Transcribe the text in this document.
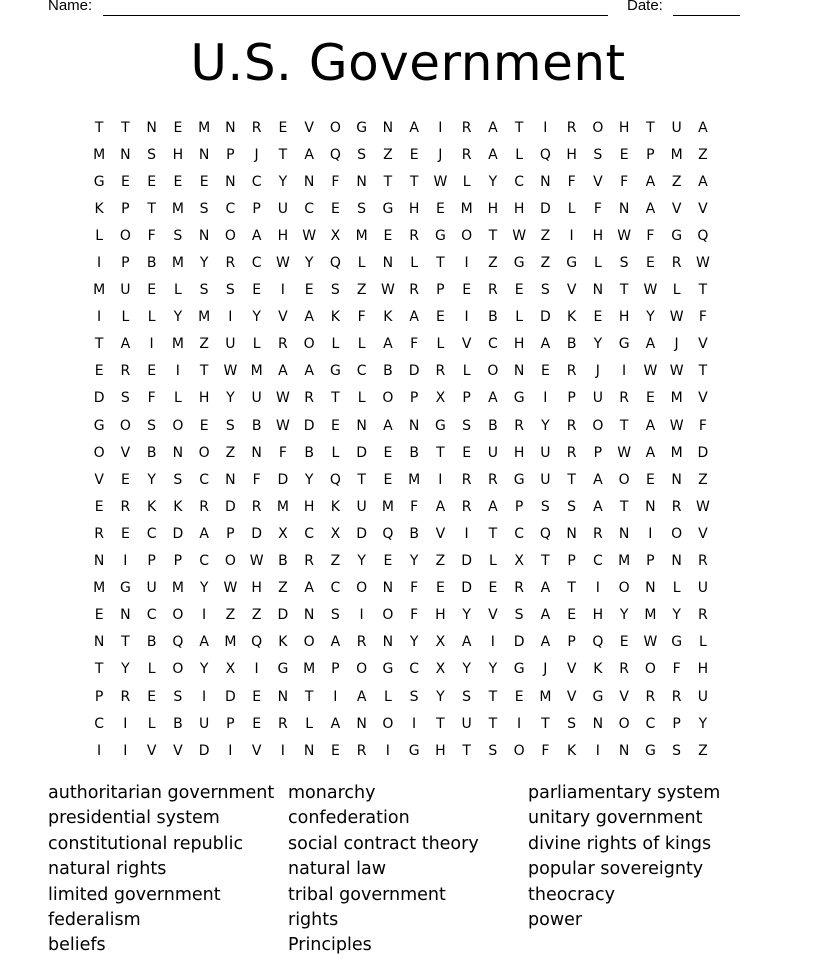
Name:	Date:
U.S. Government
T	T	N	E	M	N	R	E	V	O	G	N	A	I	R	A	T	I	R	O	H	T	U	A
M	N	S	H	N	P	J	T	A	Q	S	Z	E	J	R	A	L	Q	H	S	E	P	M	Z
G	E	E	E	E	N	C	Y	N	F	N	T	T	W	L	Y	C	N	F	V	F	A	Z	A
K	P	T	M	S	C	P	U	C	E	S	G	H	E	M	H	H	D	L	F	N	A	V	V
L	O	F	S	N	O	A	H	W	X	M	E	R	G	O	T	W	Z	I	H	W	F	G	Q
I	P	B	M	Y	R	C	W	Y	Q	L	N	L	T	I	Z	G	Z	G	L	S	E	R	W
M	U	E	L	S	S	E	I	E	S	Z	W	R	P	E	R	E	S	V	N	T	W	L	T
I	L	L	Y	M	I	Y	V	A	K	F	K	A	E	I	B	L	D	K	E	H	Y	W	F
T	A	I	M	Z	U	L	R	O	L	L	A	F	L	V	C	H	A	B	Y	G	A	J	V
E	R	E	I	T	W M	A	A	G	C	B	D	R	L	O	N	E	R	J	I	W W	T
D	S	F	L	H	Y	U	W	R	T	L	O	P	X	P	A	G	I	P	U	R	E	M	V
G	O	S	O	E	S	B	W D	E	N	A	N	G	S	B	R	Y	R	O	T	A	W	F
O	V	B	N	O	Z	N	F	B	L	D	E	B	T	E	U	H	U	R	P	W	A	M	D
V	E	Y	S	C	N	F	D	Y	Q	T	E	M	I	R	R	G	U	T	A	O	E	N	Z
E	R	K	K	R	D	R	M	H	K	U	M	F	A	R	A	P	S	S	A	T	N	R	W
R	E	C	D	A	P	D	X	C	X	D	Q	B	V	I	T	C	Q	N	R	N	I	O	V
N	I	P	P	C	O W	B	R	Z	Y	E	Y	Z	D	L	X	T	P	C	M	P	N	R
M	G	U	M	Y	W	H	Z	A	C	O	N	F	E	D	E	R	A	T	I	O	N	L	U
E	N	C	O	I	Z	Z	D	N	S	I	O	F	H	Y	V	S	A	E	H	Y	M	Y	R
N	T	B	Q	A	M	Q	K	O	A	R	N	Y	X	A	I	D	A	P	Q	E	W G	L
T	Y	L	O	Y	X	I	G	M	P	O	G	C	X	Y	Y	G	J	V	K	R	O	F	H
P	R	E	S	I	D	E	N	T	I	A	L	S	Y	S	T	E	M	V	G	V	R	R	U
C	I	L	B	U	P	E	R	L	A	N	O	I	T	U	T	I	T	S	N	O	C	P	Y
I	I	V	V	D	I	V	I	N	E	R	I	G	H	T	S	O	F	K	I	N	G	S	Z
authoritarian government
presidential system
constitutional republic
natural rights
limited government
federalism
beliefs
monarchy
confederation
social contract theory
natural law
tribal government
rights
Principles
parliamentary system
unitary government
divine rights of kings
popular sovereignty
theocracy
power
